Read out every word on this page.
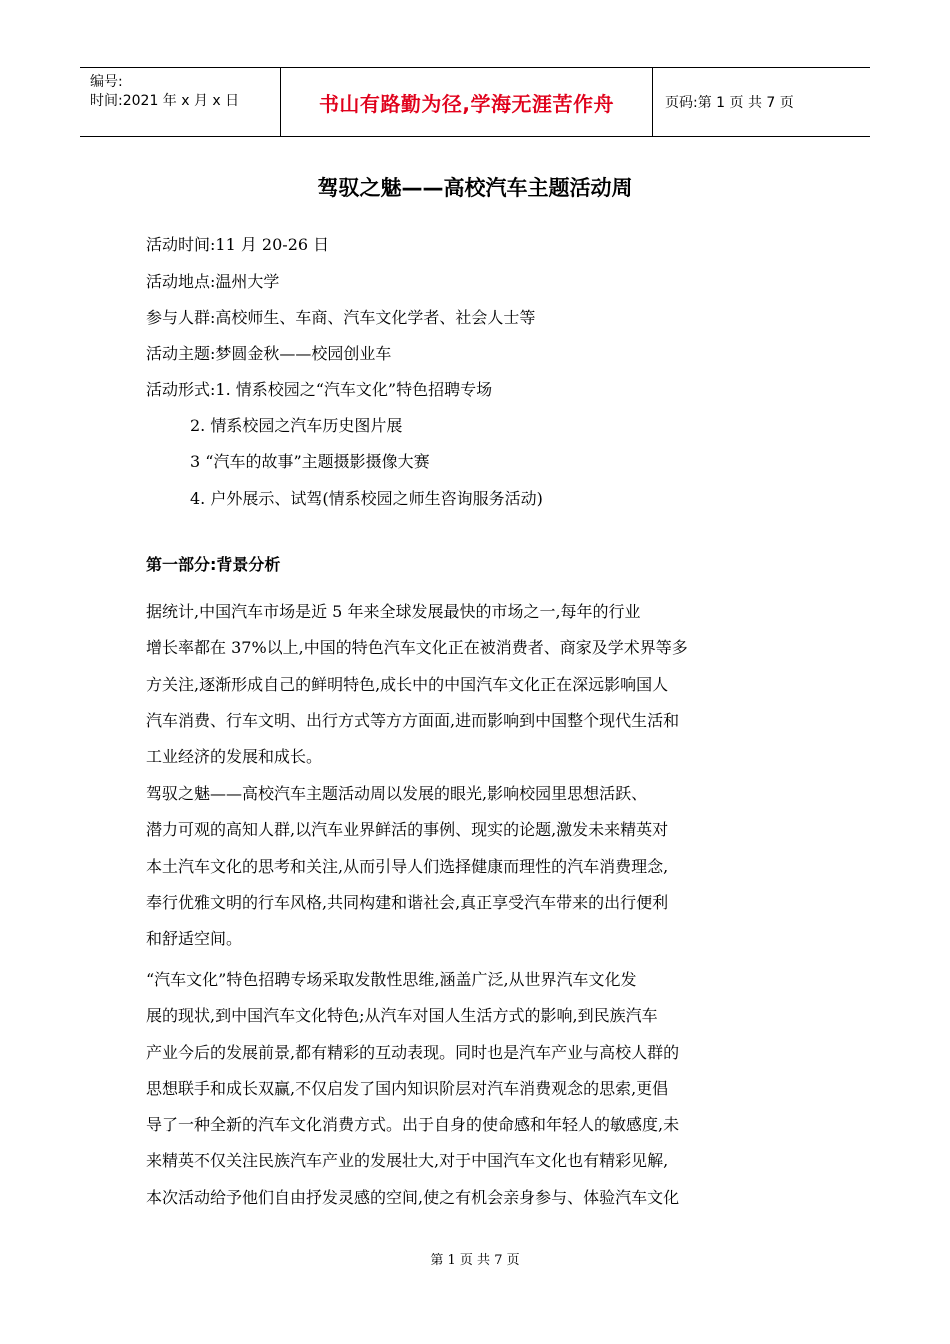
编号:
时间:2021 年 x 月 x 日	书山有路勤为径,学海无涯苦作舟	页码:第 1 页 共 7 页
驾驭之魅——高校汽车主题活动周
活动时间:11 月 20-26 日
活动地点:温州大学
参与人群:高校师生、车商、汽车文化学者、社会人士等
活动主题:梦圆金秋——校园创业车
活动形式:1. 情系校园之“汽车文化”特色招聘专场
2. 情系校园之汽车历史图片展
3 “汽车的故事”主题摄影摄像大赛
4. 户外展示、试驾(情系校园之师生咨询服务活动)
第一部分:背景分析
据统计,中国汽车市场是近 5 年来全球发展最快的市场之一,每年的行业
增长率都在 37%以上,中国的特色汽车文化正在被消费者、商家及学术界等多
方关注,逐渐形成自己的鲜明特色,成长中的中国汽车文化正在深远影响国人
汽车消费、行车文明、出行方式等方方面面,进而影响到中国整个现代生活和
工业经济的发展和成长。
驾驭之魅——高校汽车主题活动周以发展的眼光,影响校园里思想活跃、
潜力可观的高知人群,以汽车业界鲜活的事例、现实的论题,激发未来精英对
本土汽车文化的思考和关注,从而引导人们选择健康而理性的汽车消费理念,
奉行优雅文明的行车风格,共同构建和谐社会,真正享受汽车带来的出行便利
和舒适空间。
“汽车文化”特色招聘专场采取发散性思维,涵盖广泛,从世界汽车文化发
展的现状,到中国汽车文化特色;从汽车对国人生活方式的影响,到民族汽车
产业今后的发展前景,都有精彩的互动表现。同时也是汽车产业与高校人群的
思想联手和成长双赢,不仅启发了国内知识阶层对汽车消费观念的思索,更倡
导了一种全新的汽车文化消费方式。出于自身的使命感和年轻人的敏感度,未
来精英不仅关注民族汽车产业的发展壮大,对于中国汽车文化也有精彩见解,
本次活动给予他们自由抒发灵感的空间,使之有机会亲身参与、体验汽车文化
第 1 页 共 7 页
